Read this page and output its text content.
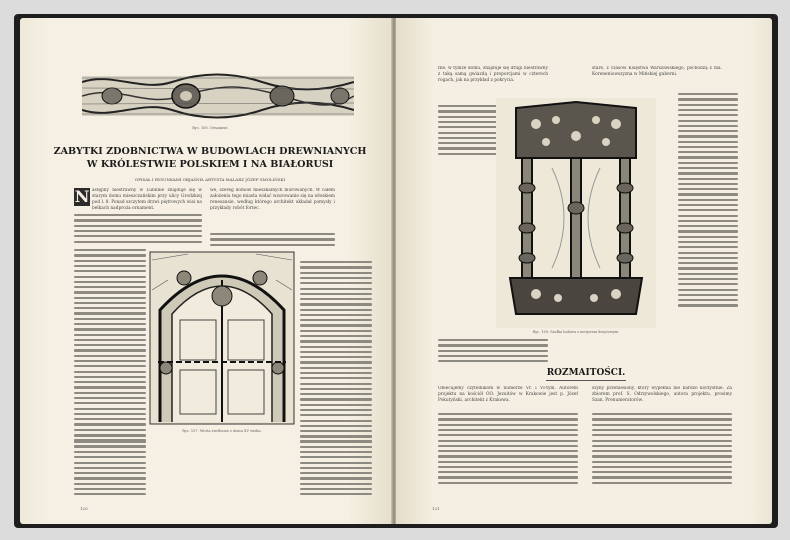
Ryc. 108. Ornament
ZABYTKI ZDOBNICTWA W BUDOWLACH DREWNIANYCH
W KRÓLESTWIE POLSKIEM I NA BIAŁORUSI
OPISAŁ I RYSUNKAMI OBJAŚNIŁ ARTYSTA MALARZ JÓZEF SMOLIŃSKI
N astępny niestrawny w Lublinie znajduje się w starym domu mieszczańskim przy ulicy Grodzkiej pod l. 8. Ponad szczytem drzwi piętrowych wisi na belkach nadproża ornament.
we, szereg domów mieszkalnych murowanych. W całem założeniu tego miasta widać wzorowanie się na włoskiem renesansie, według którego architekt układał pomysły i przykłady robót fortec.
Ryc. 107. Wrota rzeźbione z domu XV wieku.
120
tne, w tymże domu, znajduje się drugi niestrawny z taką samą gwiazdą i proporcjami w czterech rogach, jak na przykład z pokrycia.
stare, z czasów Księstwa Warszawskiego, pochodzą z ma. Koreneniowszyzna w Mińskiej guberni.
Ryc. 109. Szafka ludowa z motywem krzyżowym.
ROZMAITOŚCI.
Obiecujemy czytelnikom w numerze Vr. i VI-tym. Autorem projektu na kościół OO. Jezuitów w Krakowie jest p. Józef Pokutyński, architekt z Krakowa.
szyny przeniesiony, który wypełnia nie bardzo korzystnie. Za zbiorem prof. S. Odrzywolskiego, autora projektu, prosimy Szan. Prenumeratorów.
121
